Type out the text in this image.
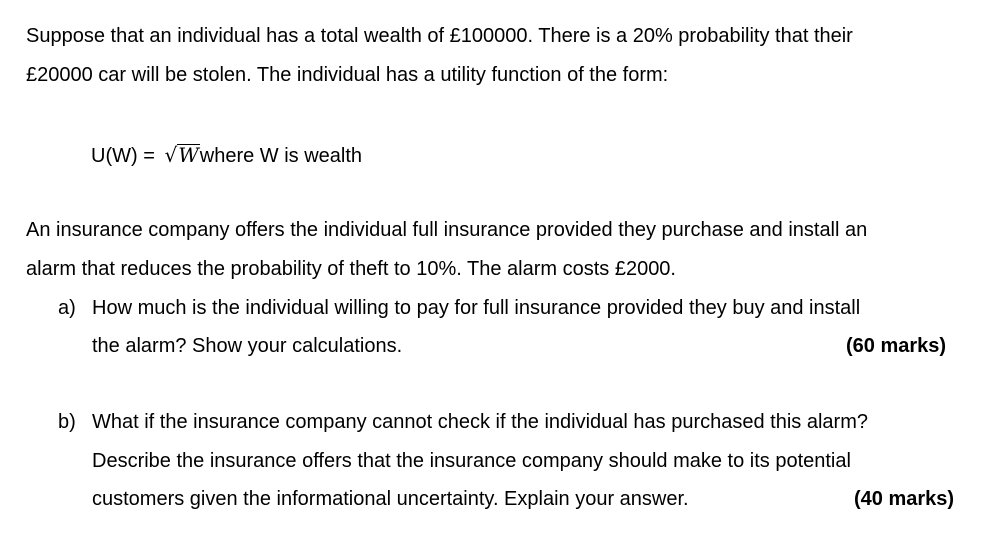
Suppose that an individual has a total wealth of £100000. There is a 20% probability that their
£20000 car will be stolen. The individual has a utility function of the form:
U(W) = √Wwhere W is wealth
An insurance company offers the individual full insurance provided they purchase and install an
alarm that reduces the probability of theft to 10%. The alarm costs £2000.
a) How much is the individual willing to pay for full insurance provided they buy and install
the alarm? Show your calculations.	(60 marks)
b) What if the insurance company cannot check if the individual has purchased this alarm?
Describe the insurance offers that the insurance company should make to its potential
customers given the informational uncertainty. Explain your answer.	(40 marks)
